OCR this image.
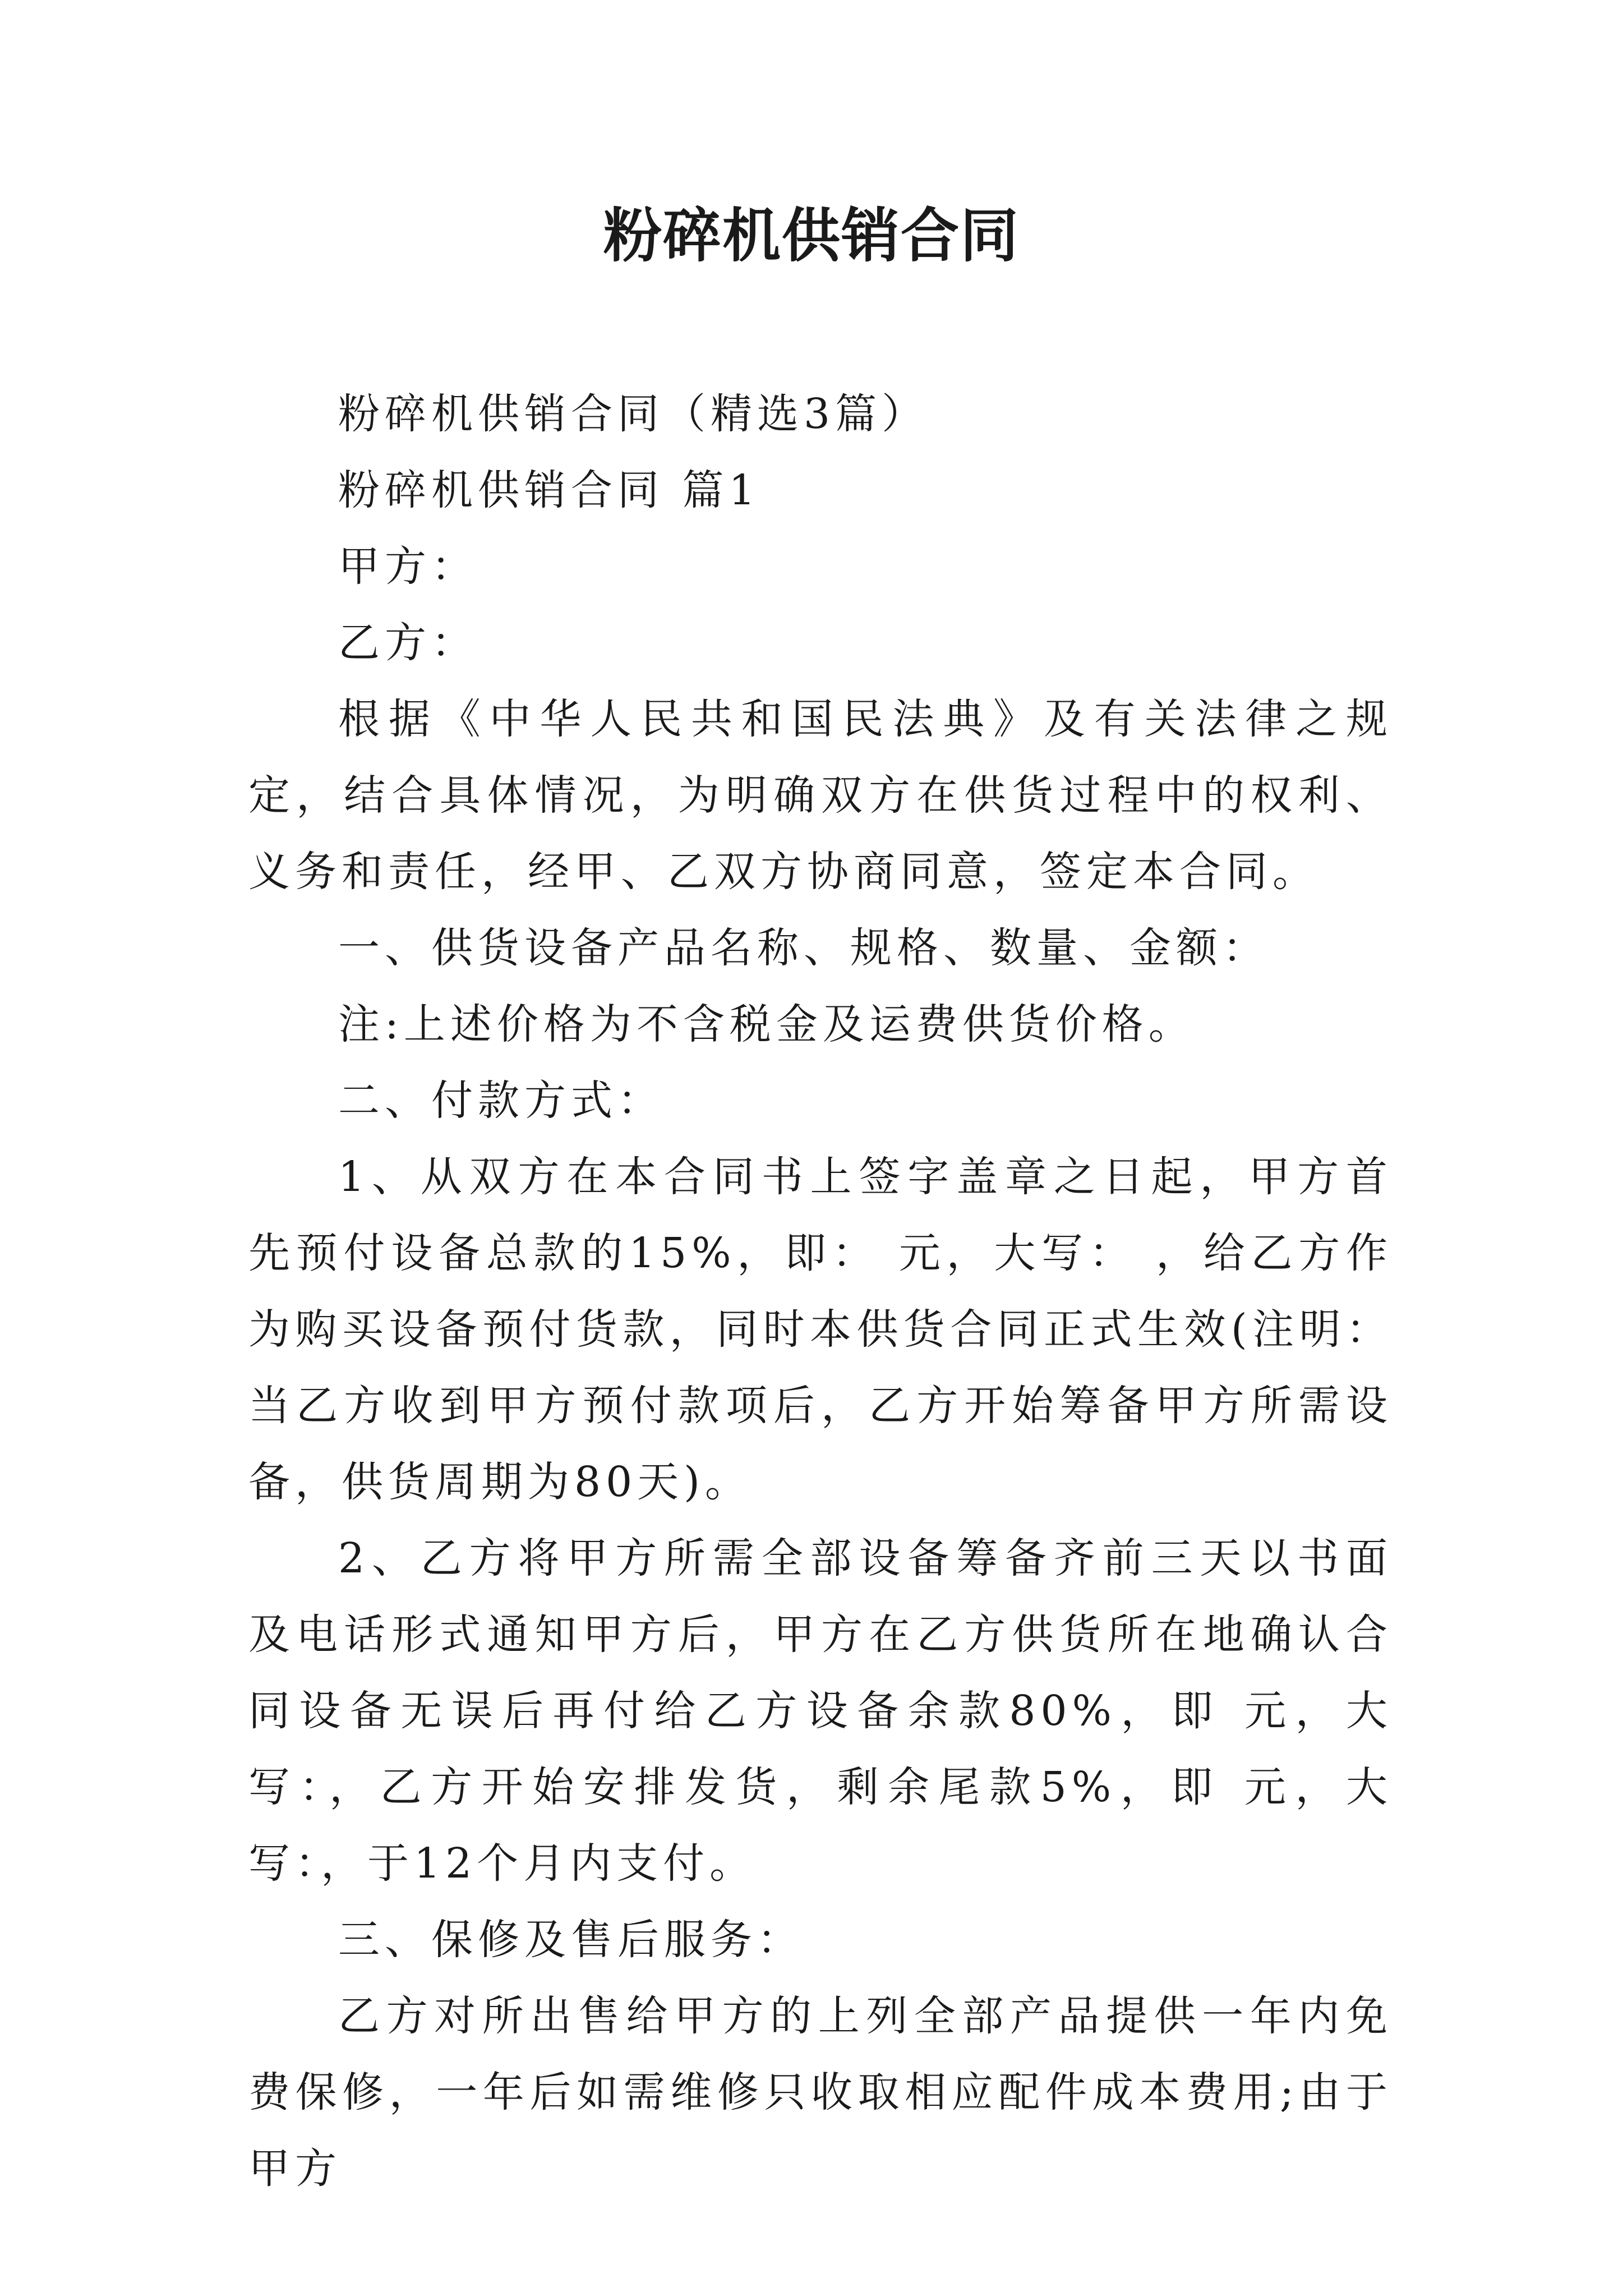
粉碎机供销合同

粉碎机供销合同（精选3篇）

粉碎机供销合同 篇1

甲方：

乙方：

根据《中华人民共和国民法典》及有关法律之规定，结合具体情况，为明确双方在供货过程中的权利、义务和责任，经甲、乙双方协商同意，签定本合同。

一、供货设备产品名称、规格、数量、金额：

注:上述价格为不含税金及运费供货价格。

二、付款方式：

1、从双方在本合同书上签字盖章之日起，甲方首先预付设备总款的15%，即： 元，大写： ，给乙方作为购买设备预付货款，同时本供货合同正式生效(注明：当乙方收到甲方预付款项后，乙方开始筹备甲方所需设备，供货周期为80天)。

2、乙方将甲方所需全部设备筹备齐前三天以书面及电话形式通知甲方后，甲方在乙方供货所在地确认合同设备无误后再付给乙方设备余款80%，即 元，大写：，乙方开始安排发货，剩余尾款5%，即 元，大写：，于12个月内支付。

三、保修及售后服务：

乙方对所出售给甲方的上列全部产品提供一年内免费保修，一年后如需维修只收取相应配件成本费用;由于甲方
